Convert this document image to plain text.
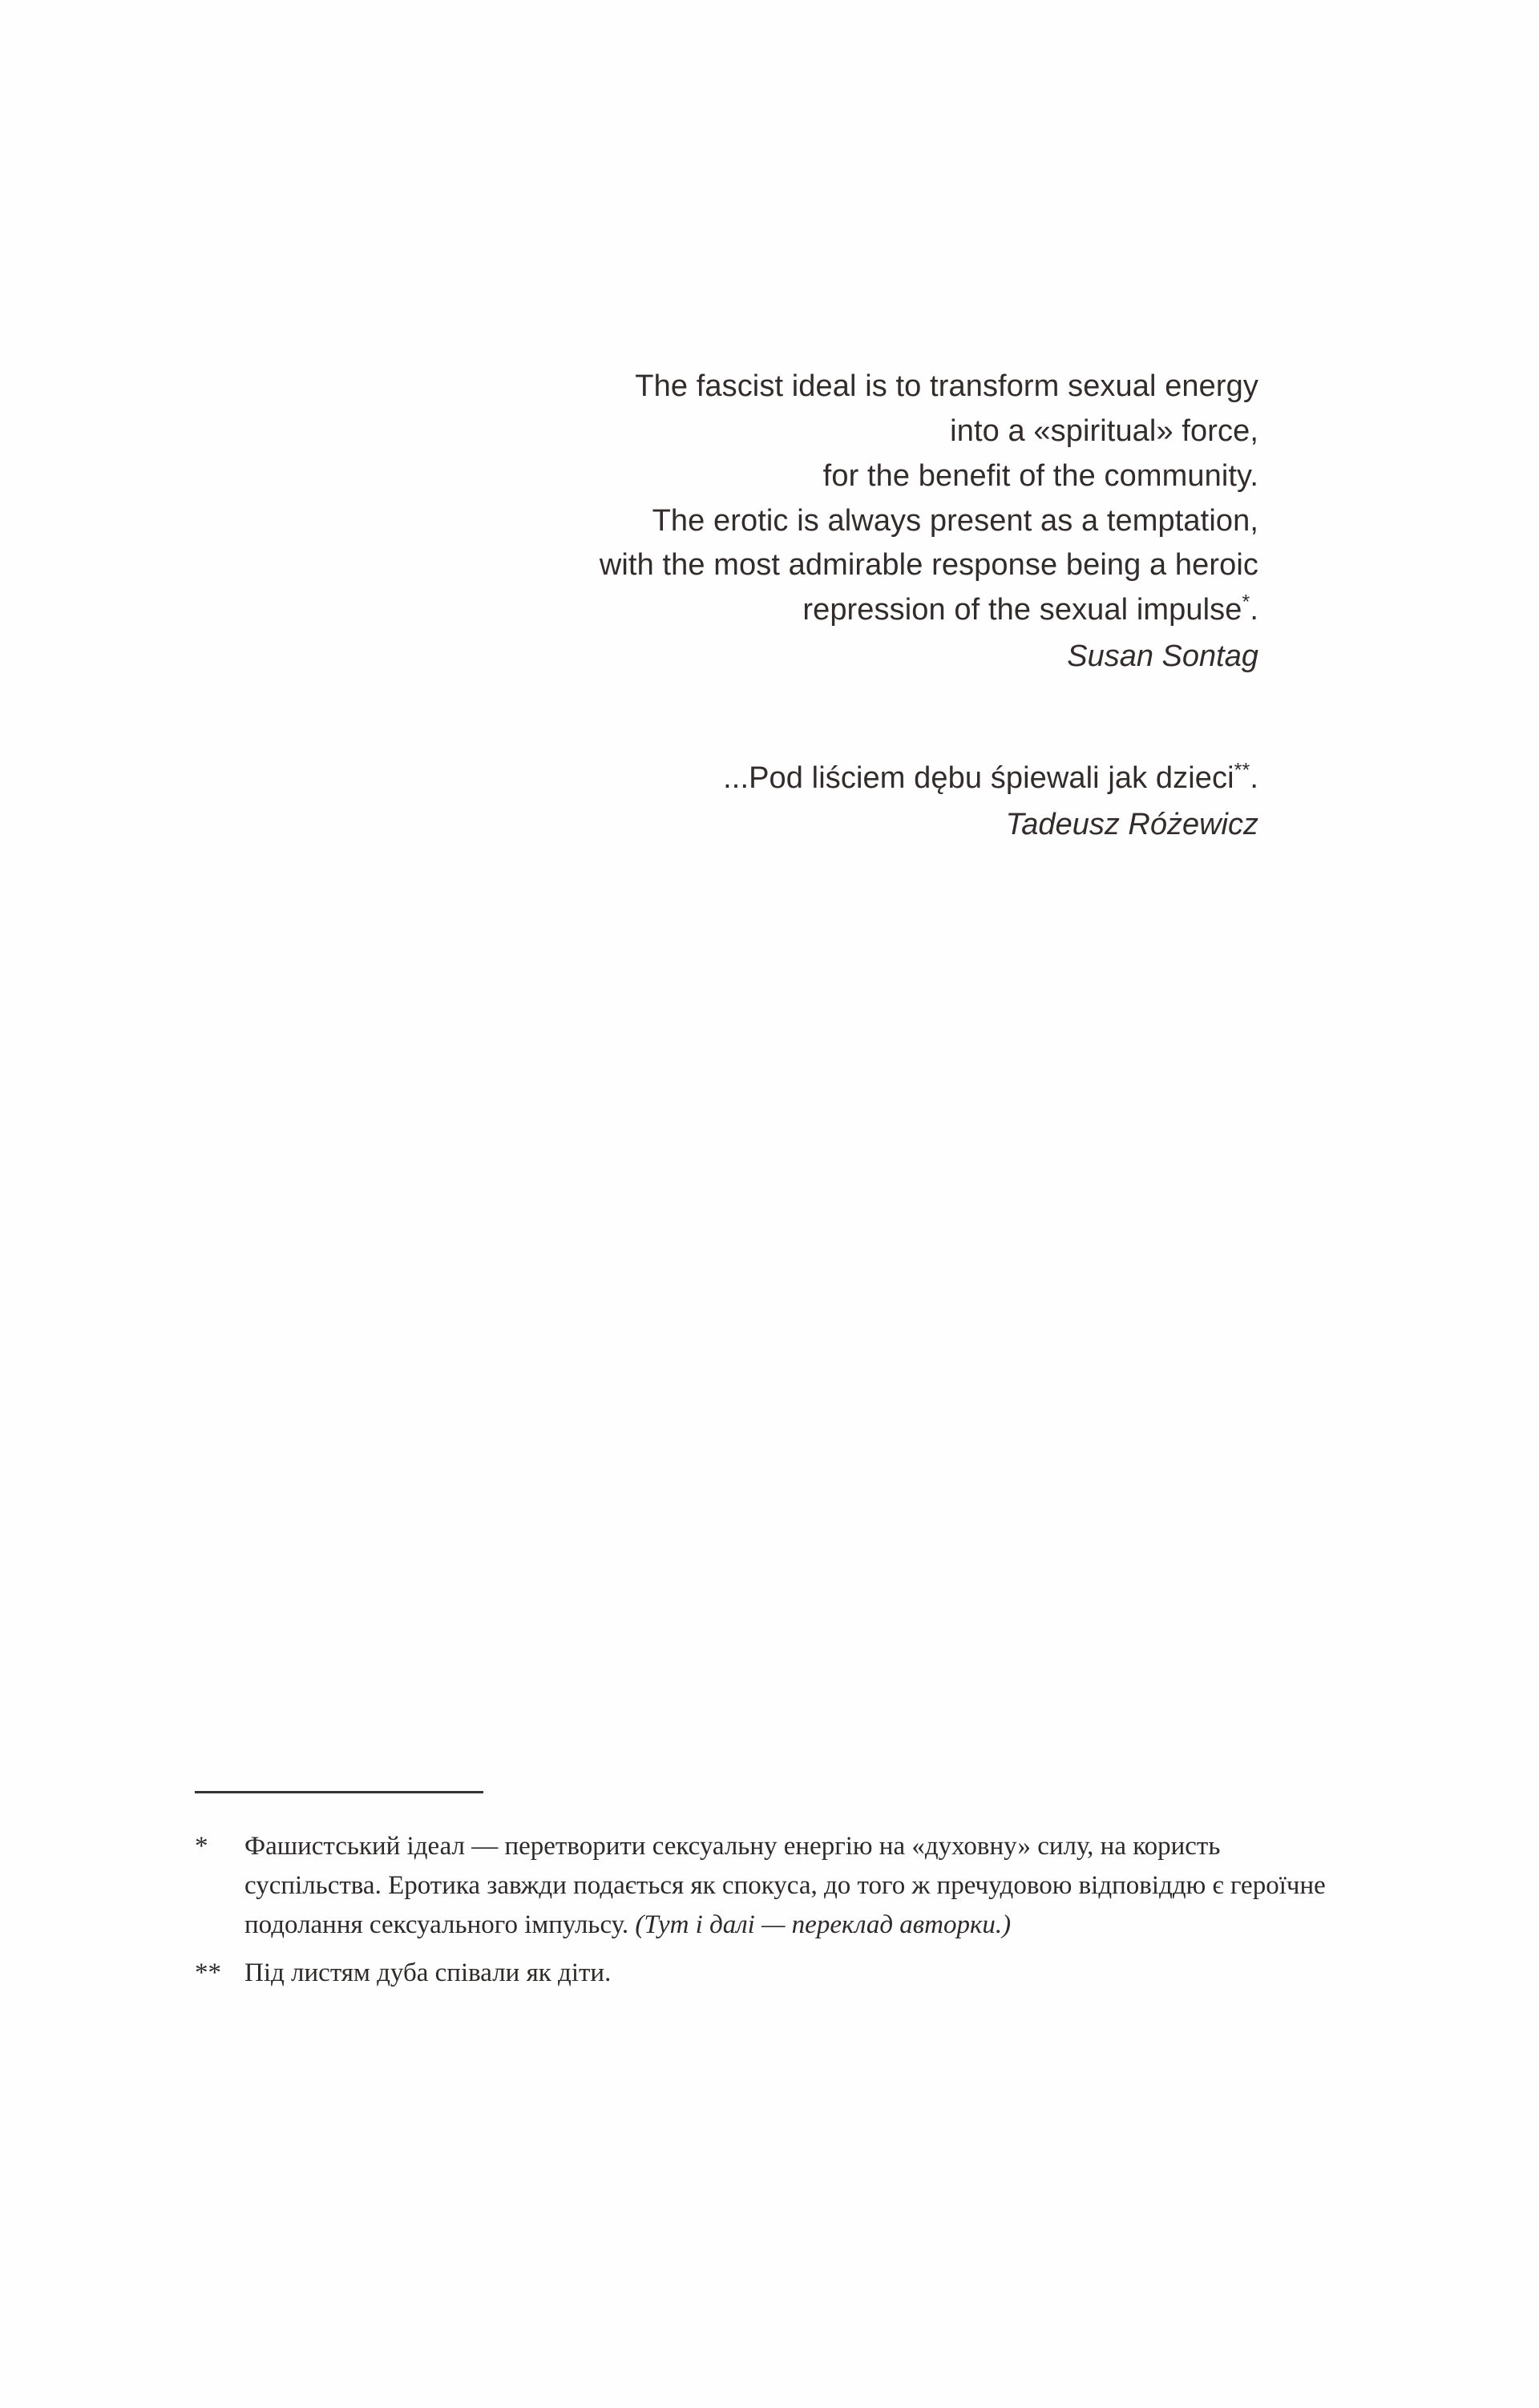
The fascist ideal is to transform sexual energy
into a «spiritual» force,
for the benefit of the community.
The erotic is always present as a temptation,
with the most admirable response being a heroic
repression of the sexual impulse*.
Susan Sontag
...Pod liściem dębu śpiewali jak dzieci**.
Tadeusz Różewicz
*	Фашистський ідеал — перетворити сексуальну енергію на «духовну» силу, на користь суспільства. Еротика завжди подається як спокуса, до того ж пречудовою відповіддю є героїчне подолання сексуального імпульсу. (Тут і далі — переклад авторки.)
** Під листям дуба співали як діти.
